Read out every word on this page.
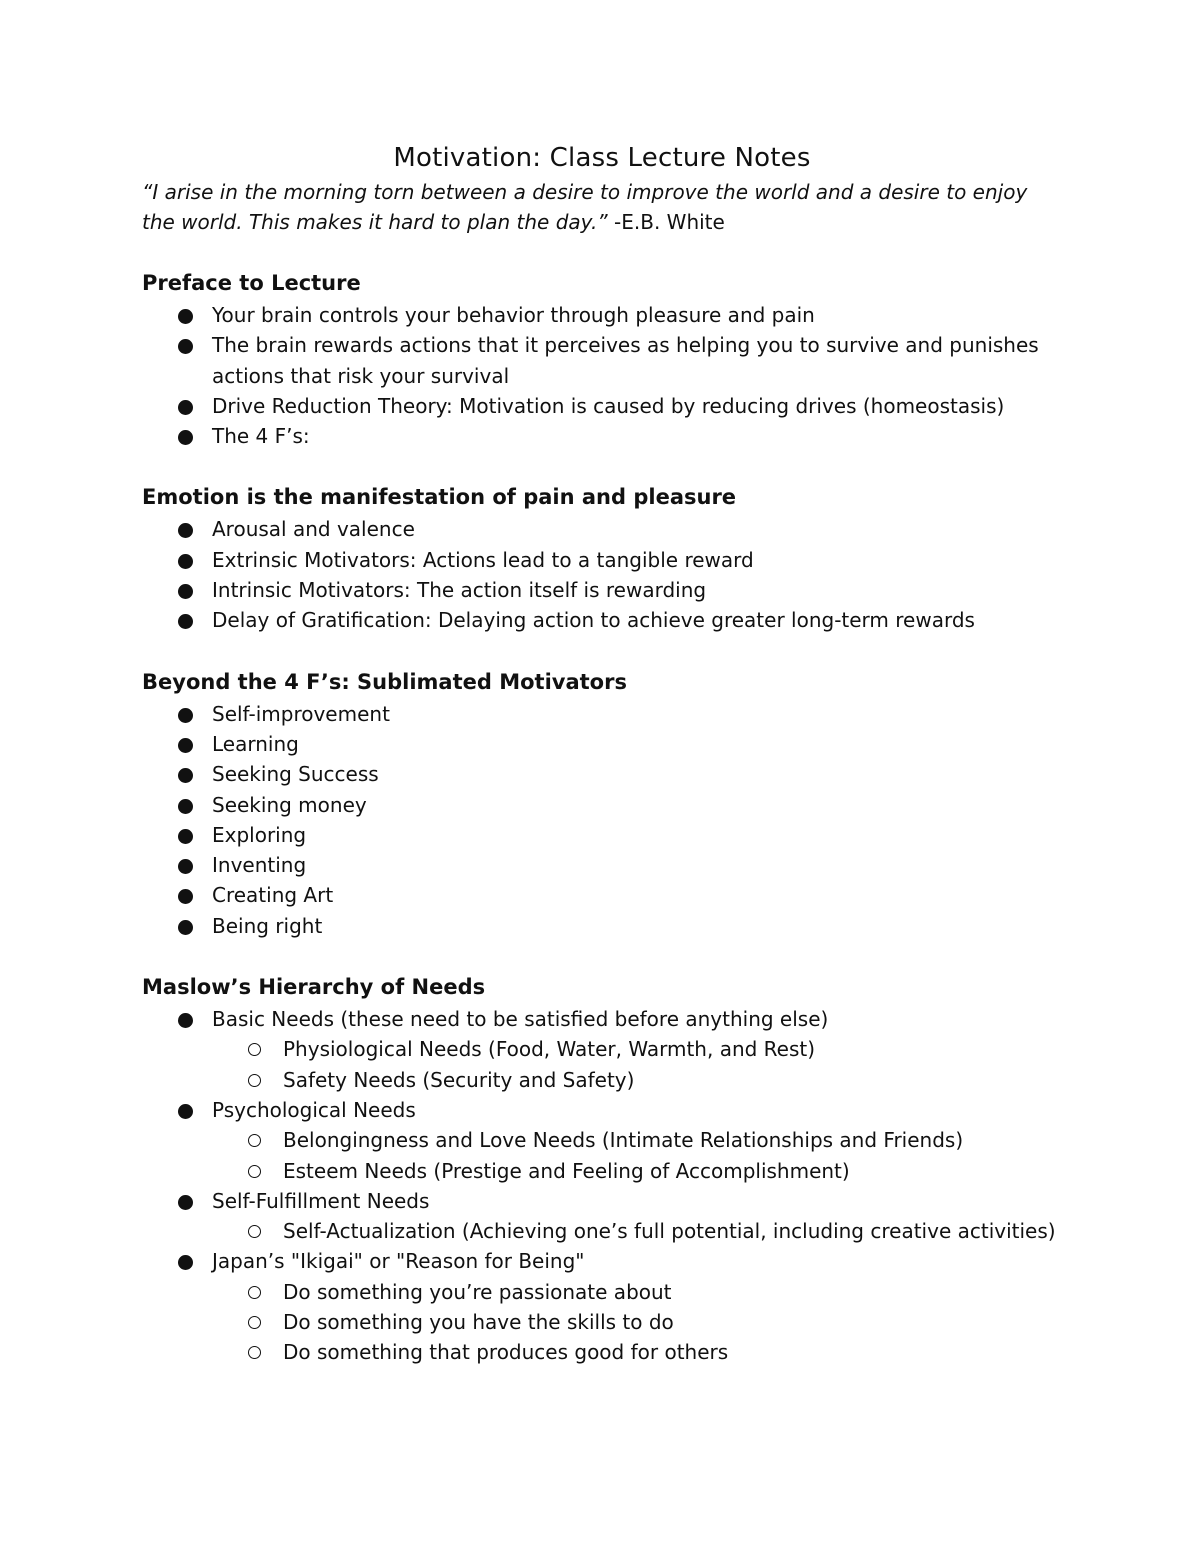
Motivation: Class Lecture Notes

“I arise in the morning torn between a desire to improve the world and a desire to enjoy the world. This makes it hard to plan the day.” -E.B. White

Preface to Lecture
Your brain controls your behavior through pleasure and pain
The brain rewards actions that it perceives as helping you to survive and punishes actions that risk your survival
Drive Reduction Theory: Motivation is caused by reducing drives (homeostasis)
The 4 F’s:
Emotion is the manifestation of pain and pleasure
Arousal and valence
Extrinsic Motivators: Actions lead to a tangible reward
Intrinsic Motivators: The action itself is rewarding
Delay of Gratification: Delaying action to achieve greater long-term rewards
Beyond the 4 F’s: Sublimated Motivators
Self-improvement
Learning
Seeking Success
Seeking money
Exploring
Inventing
Creating Art
Being right
Maslow’s Hierarchy of Needs
Basic Needs (these need to be satisfied before anything else)
Physiological Needs (Food, Water, Warmth, and Rest)
Safety Needs (Security and Safety)
Psychological Needs
Belongingness and Love Needs (Intimate Relationships and Friends)
Esteem Needs (Prestige and Feeling of Accomplishment)
Self-Fulfillment Needs
Self-Actualization (Achieving one’s full potential, including creative activities)
Japan’s "Ikigai" or "Reason for Being"
Do something you’re passionate about
Do something you have the skills to do
Do something that produces good for others
